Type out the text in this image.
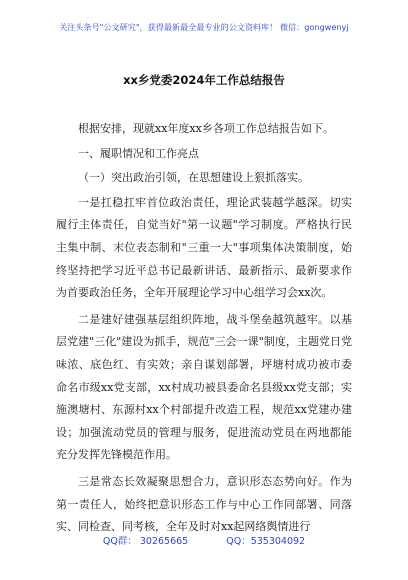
关注头条号"公文研究"，获得最新最全最专业的公文资料库！ 微信：gongwenyj
xx乡党委2024年工作总结报告

根据安排，现就xx年度xx乡各项工作总结报告如下。

一、履职情况和工作亮点

（一）突出政治引领，在思想建设上狠抓落实。

一是扛稳扛牢首位政治责任，理论武装越学越深。切实履行主体责任，自觉当好"第一议题"学习制度。严格执行民主集中制、末位表态制和"三重一大"事项集体决策制度，始终坚持把学习近平总书记最新讲话、最新指示、最新要求作为首要政治任务，全年开展理论学习中心组学习会xx次。

二是建好建强基层组织阵地，战斗堡垒越筑越牢。以基层党建"三化"建设为抓手，规范"三会一课"制度，主题党日党味浓、底色红、有实效；亲自谋划部署，坪塘村成功被市委命名市级xx党支部，xx村成功被县委命名县级xx党支部；实施澳塘村、东源村xx个村部提升改造工程，规范xx党建办建设；加强流动党员的管理与服务，促进流动党员在两地都能充分发挥先锋模范作用。

三是常态长效凝聚思想合力，意识形态态势向好。作为第一责任人，始终把意识形态工作与中心工作同部署、同落实、同检查、同考核，全年及时对xx起网络舆情进行

QQ群： 30265665	QQ：535304092
